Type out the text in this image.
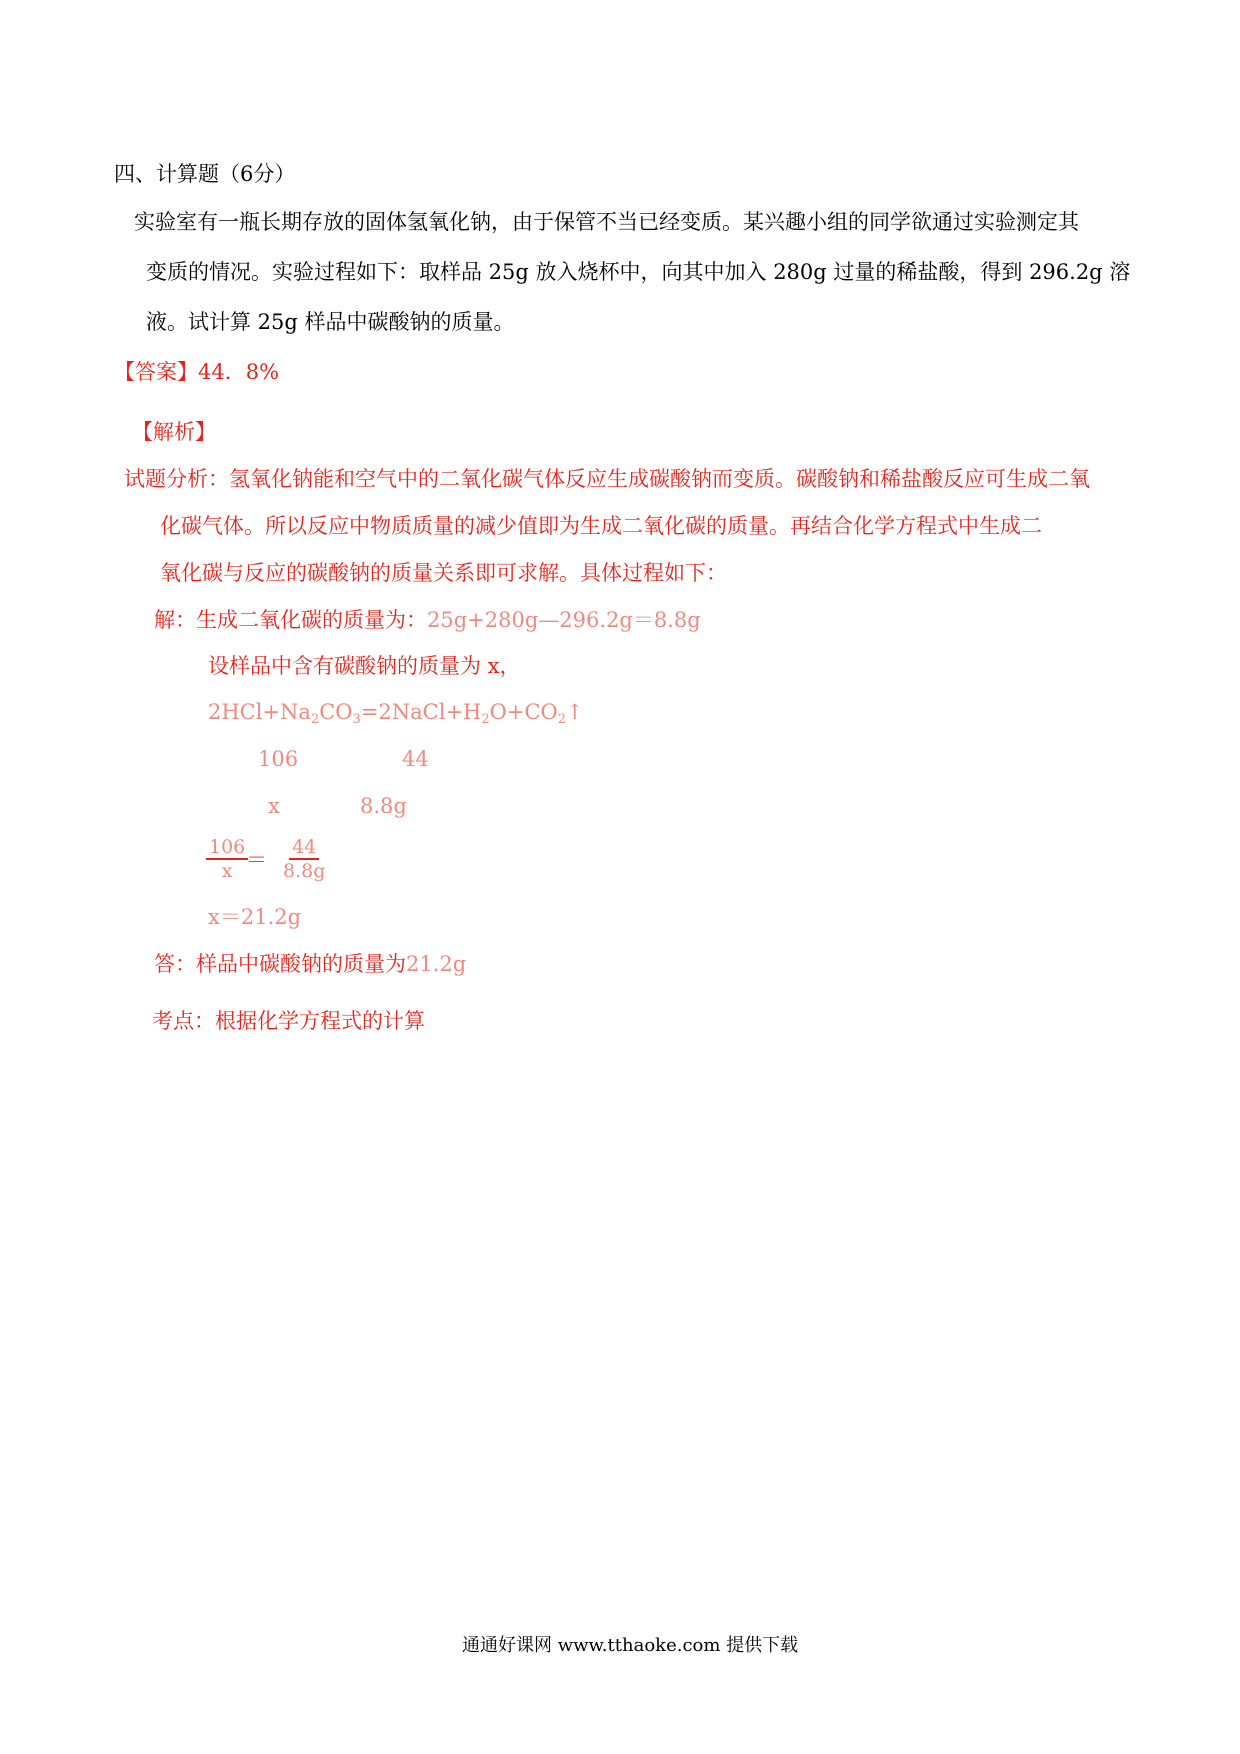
四、计算题（6分）
实验室有一瓶长期存放的固体氢氧化钠，由于保管不当已经变质。某兴趣小组的同学欲通过实验测定其
变质的情况。实验过程如下：取样品 25g 放入烧杯中，向其中加入 280g 过量的稀盐酸，得到 296.2g 溶
液。试计算 25g 样品中碳酸钠的质量。
【答案】44．8%
【解析】
试题分析：氢氧化钠能和空气中的二氧化碳气体反应生成碳酸钠而变质。碳酸钠和稀盐酸反应可生成二氧
化碳气体。所以反应中物质质量的减少值即为生成二氧化碳的质量。再结合化学方程式中生成二
氧化碳与反应的碳酸钠的质量关系即可求解。具体过程如下：
解：生成二氧化碳的质量为：25g+280g—296.2g＝8.8g
设样品中含有碳酸钠的质量为 x，
$2HCl+Na_2CO_3=2NaCl+H_2O+CO_2↑$
106	44
x	8.8g
$\frac{106}{x}$
＝ $\frac{44}{8.8g}$
x＝21.2g
答：样品中碳酸钠的质量为21.2g
考点：根据化学方程式的计算
通通好课网 www.tthaoke.com 提供下载
